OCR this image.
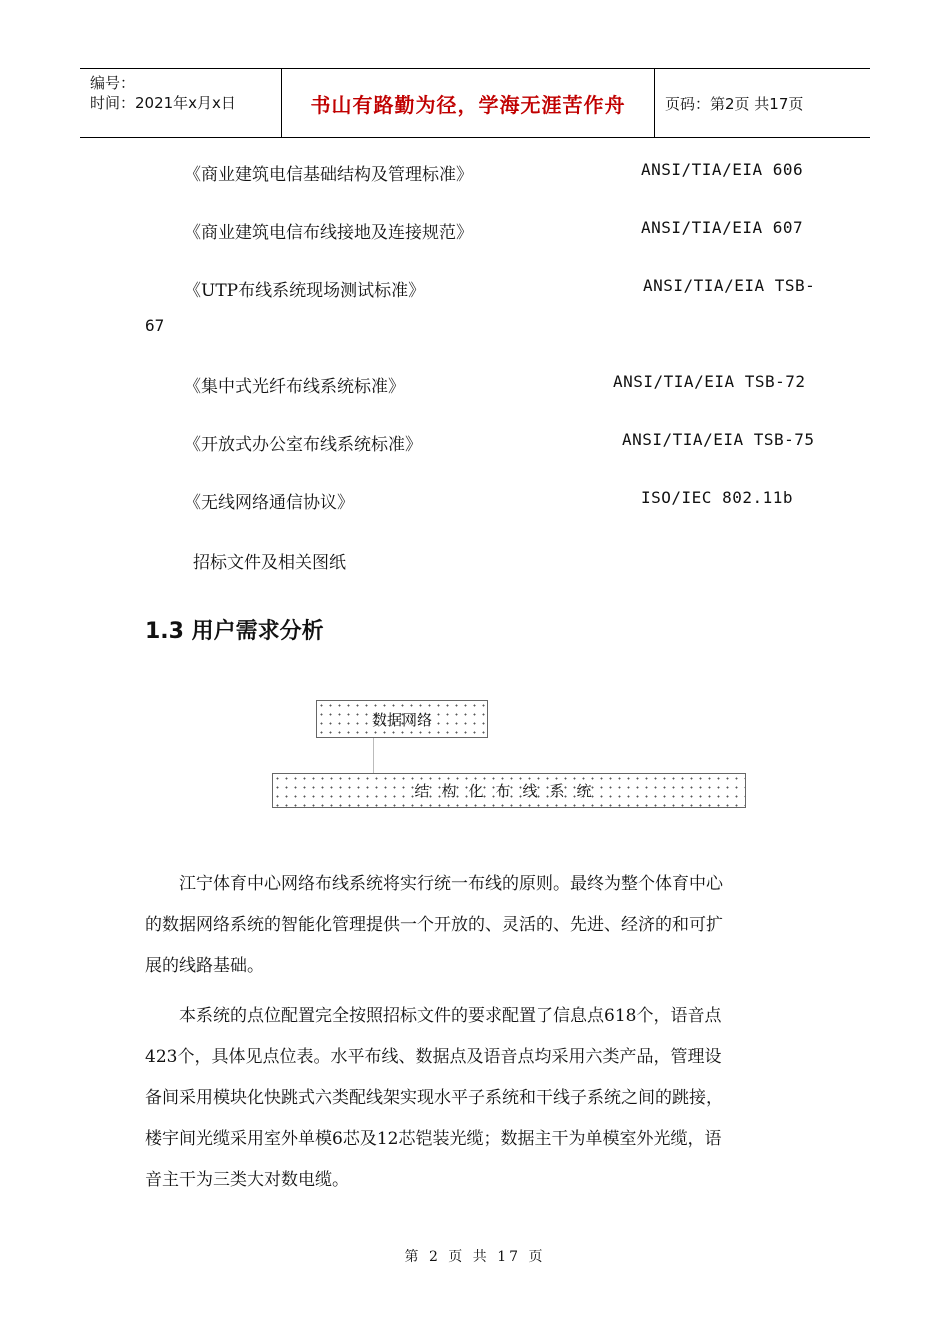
编号：
时间：2021年x月x日	书山有路勤为径，学海无涯苦作舟	页码：第2页 共17页
《商业建筑电信基础结构及管理标准》	ANSI/TIA/EIA 606
《商业建筑电信布线接地及连接规范》	ANSI/TIA/EIA 607
《UTP布线系统现场测试标准》	ANSI/TIA/EIA TSB-
67
《集中式光纤布线系统标准》	ANSI/TIA/EIA TSB-72
《开放式办公室布线系统标准》	ANSI/TIA/EIA TSB-75
《无线网络通信协议》	ISO/IEC 802.11b
招标文件及相关图纸
1.3 用户需求分析
数据网络
结构化布线系统
江宁体育中心网络布线系统将实行统一布线的原则。最终为整个体育中心
的数据网络系统的智能化管理提供一个开放的、灵活的、先进、经济的和可扩
展的线路基础。
本系统的点位配置完全按照招标文件的要求配置了信息点618个，语音点
423个，具体见点位表。水平布线、数据点及语音点均采用六类产品，管理设
备间采用模块化快跳式六类配线架实现水平子系统和干线子系统之间的跳接，
楼宇间光缆采用室外单模6芯及12芯铠装光缆；数据主干为单模室外光缆，语
音主干为三类大对数电缆。
第 2 页 共 17 页
